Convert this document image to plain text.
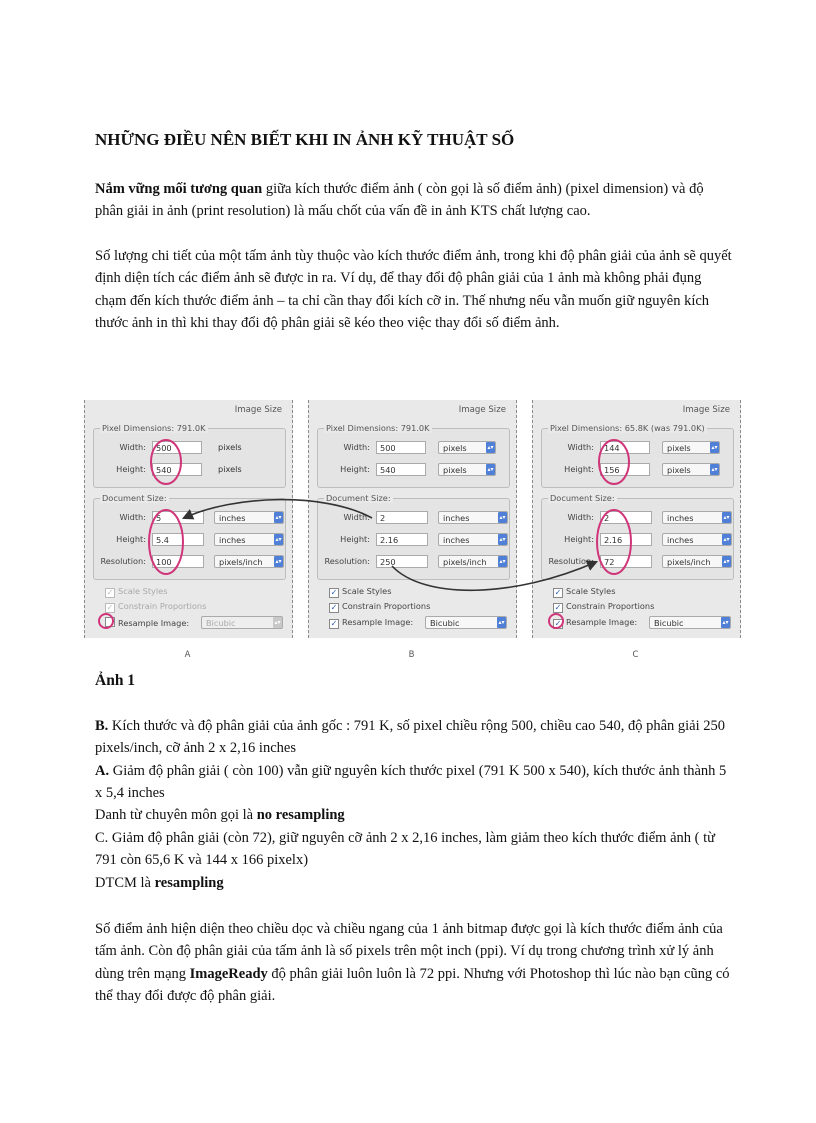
NHỮNG ĐIỀU NÊN BIẾT KHI IN ẢNH KỸ THUẬT SỐ
Nắm vững mối tương quan giữa kích thước điểm ảnh ( còn gọi là số điểm ảnh) (pixel dimension) và độ phân giải in ảnh (print resolution) là mấu chốt của vấn đề in ảnh KTS chất lượng cao.
Số lượng chi tiết của một tấm ảnh tùy thuộc vào kích thước điểm ảnh, trong khi độ phân giải của ảnh sẽ quyết định diện tích các điểm ảnh sẽ được in ra. Ví dụ, để thay đổi độ phân giải của 1 ảnh mà không phải đụng chạm đến kích thước điểm ảnh – ta chỉ cần thay đổi kích cỡ in. Thế nhưng nếu vẫn muốn giữ nguyên kích thước ảnh in thì khi thay đổi độ phân giải sẽ kéo theo việc thay đổi số điểm ảnh.
Image Size
Pixel Dimensions: 791.0K
Width:	500	pixels
Height:	540	pixels
Document Size:
Width:	5	inches	▴▾
Height:	5.4	inches	▴▾
Resolution:	100	pixels/inch ▴▾
✓ Scale Styles
✓ Constrain Proportions
Resample Image:	Bicubic	▴▾
A
Image Size
Pixel Dimensions: 791.0K
Width:	500	pixels	▴▾
Height:	540	pixels	▴▾
Document Size:
Width:	2	inches	▴▾
Height:	2.16	inches	▴▾
Resolution:	250	pixels/inch ▴▾
✓ Scale Styles
✓ Constrain Proportions
✓ Resample Image:	Bicubic	▴▾
B
Image Size
Pixel Dimensions: 65.8K (was 791.0K)
Width:	144	pixels	▴▾
Height:	156	pixels	▴▾
Document Size:
Width:	2	inches	▴▾
Height:	2.16	inches	▴▾
Resolution:	72	pixels/inch ▴▾
✓ Scale Styles
✓ Constrain Proportions
✓ Resample Image:	Bicubic	▴▾
C
Ảnh 1
B. Kích thước và độ phân giải của ảnh gốc : 791 K, số pixel chiều rộng 500, chiều cao 540, độ phân giải 250 pixels/inch, cỡ ảnh 2 x 2,16 inches
A. Giảm độ phân giải ( còn 100) vẫn giữ nguyên kích thước pixel (791 K 500 x 540), kích thước ảnh thành 5 x 5,4 inches
Danh từ chuyên môn gọi là no resampling
C. Giảm độ phân giải (còn 72), giữ nguyên cỡ ảnh 2 x 2,16 inches, làm giảm theo kích thước điểm ảnh ( từ 791 còn 65,6 K và 144 x 166 pixelx)
DTCM là resampling
Số điểm ảnh hiện diện theo chiều dọc và chiều ngang của 1 ảnh bitmap được gọi là kích thước điểm ảnh của tấm ảnh. Còn độ phân giải của tấm ảnh là số pixels trên một inch (ppi). Ví dụ trong chương trình xử lý ảnh dùng trên mạng ImageReady độ phân giải luôn luôn là 72 ppi. Nhưng với Photoshop thì lúc nào bạn cũng có thể thay đổi được độ phân giải.
